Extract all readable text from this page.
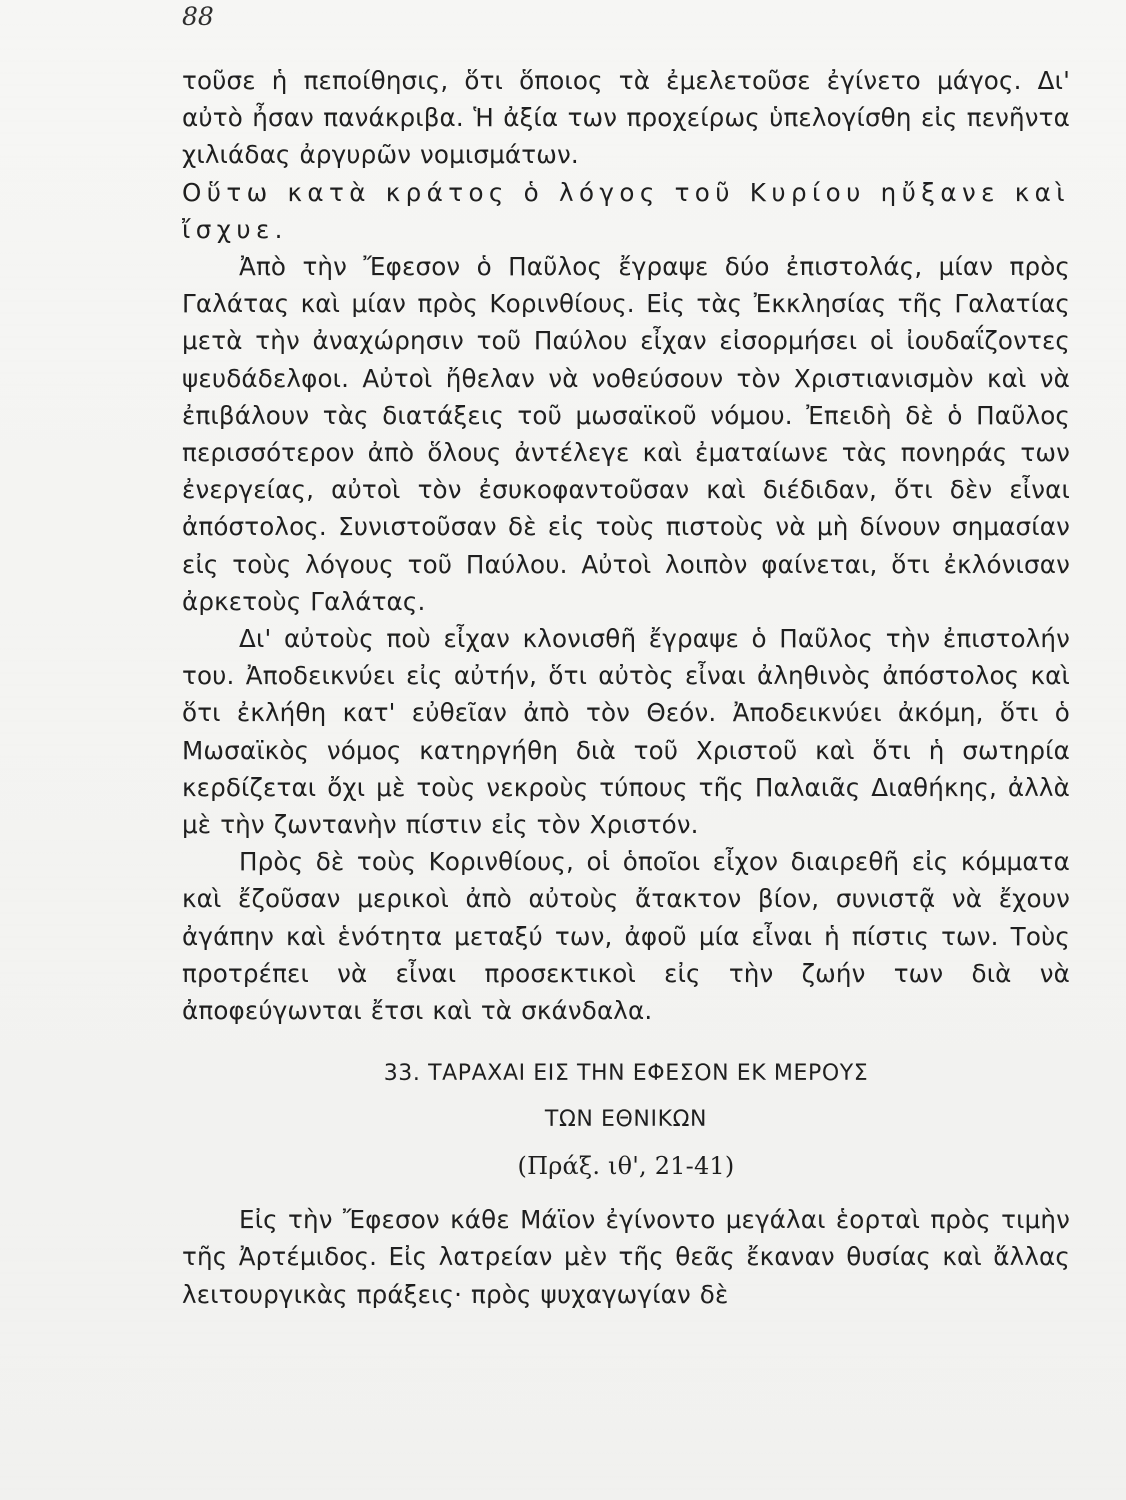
88

τοῦσε ἡ πεποίθησις, ὅτι ὅποιος τὰ ἐμελετοῦσε ἐγίνετο μάγος. Δι' αὐτὸ ἦσαν πανάκριβα. Ἡ ἀξία των προχείρως ὑπελογίσθη εἰς πενῆντα χιλιάδας ἀργυρῶν νομισμάτων.

Οὕτω κατὰ κράτος ὁ λόγος τοῦ Κυρίου ηὔξανε καὶ ἴσχυε.

Ἀπὸ τὴν Ἔφεσον ὁ Παῦλος ἔγραψε δύο ἐπιστολάς, μίαν πρὸς Γαλάτας καὶ μίαν πρὸς Κορινθίους. Εἰς τὰς Ἐκκλησίας τῆς Γαλατίας μετὰ τὴν ἀναχώρησιν τοῦ Παύλου εἶχαν εἰσορμήσει οἱ ἰουδαΐζοντες ψευδάδελφοι. Αὐτοὶ ἤθελαν νὰ νοθεύσουν τὸν Χριστιανισμὸν καὶ νὰ ἐπιβάλουν τὰς διατάξεις τοῦ μωσαϊκοῦ νόμου. Ἐπειδὴ δὲ ὁ Παῦλος περισσότερον ἀπὸ ὅλους ἀντέλεγε καὶ ἐματαίωνε τὰς πονηράς των ἐνεργείας, αὐτοὶ τὸν ἐσυκοφαντοῦσαν καὶ διέδιδαν, ὅτι δὲν εἶναι ἀπόστολος. Συνιστοῦσαν δὲ εἰς τοὺς πιστοὺς νὰ μὴ δίνουν σημασίαν εἰς τοὺς λόγους τοῦ Παύλου. Αὐτοὶ λοιπὸν φαίνεται, ὅτι ἐκλόνισαν ἀρκετοὺς Γαλάτας.

Δι' αὐτοὺς ποὺ εἶχαν κλονισθῆ ἔγραψε ὁ Παῦλος τὴν ἐπιστολήν του. Ἀποδεικνύει εἰς αὐτήν, ὅτι αὐτὸς εἶναι ἀληθινὸς ἀπόστολος καὶ ὅτι ἐκλήθη κατ' εὐθεῖαν ἀπὸ τὸν Θεόν. Ἀποδεικνύει ἀκόμη, ὅτι ὁ Μωσαϊκὸς νόμος κατηργήθη διὰ τοῦ Χριστοῦ καὶ ὅτι ἡ σωτηρία κερδίζεται ὄχι μὲ τοὺς νεκροὺς τύπους τῆς Παλαιᾶς Διαθήκης, ἀλλὰ μὲ τὴν ζωντανὴν πίστιν εἰς τὸν Χριστόν.

Πρὸς δὲ τοὺς Κορινθίους, οἱ ὁποῖοι εἶχον διαιρεθῆ εἰς κόμματα καὶ ἔζοῦσαν μερικοὶ ἀπὸ αὐτοὺς ἄτακτον βίον, συνιστᾷ νὰ ἔχουν ἀγάπην καὶ ἑνότητα μεταξύ των, ἀφοῦ μία εἶναι ἡ πίστις των. Τοὺς προτρέπει νὰ εἶναι προσεκτικοὶ εἰς τὴν ζωήν των διὰ νὰ ἀποφεύγωνται ἔτσι καὶ τὰ σκάνδαλα.

33. ΤΑΡΑΧΑΙ ΕΙΣ ΤΗΝ ΕΦΕΣΟΝ ΕΚ ΜΕΡΟΥΣ
ΤΩΝ ΕΘΝΙΚΩΝ

(Πράξ. ιθ', 21-41)

Εἰς τὴν Ἔφεσον κάθε Μάϊον ἐγίνοντο μεγάλαι ἑορταὶ πρὸς τιμὴν τῆς Ἀρτέμιδος. Εἰς λατρείαν μὲν τῆς θεᾶς ἔκαναν θυσίας καὶ ἄλλας λειτουργικὰς πράξεις· πρὸς ψυχαγωγίαν δὲ
